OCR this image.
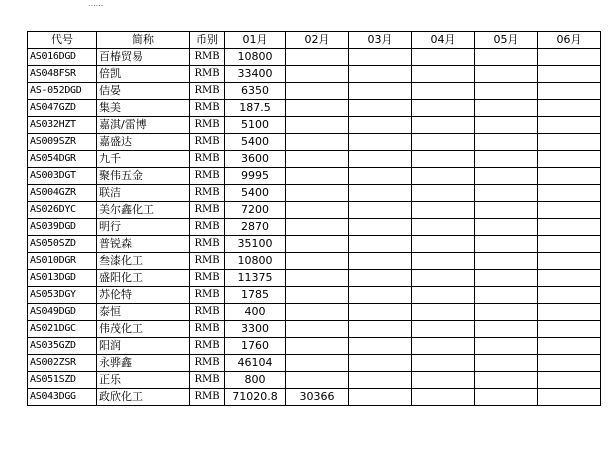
......
代号	简称	币别	01月	02月	03月	04月	05月	06月
AS016DGD	百椿贸易	RMB	10800					
AS048FSR	倍凯	RMB	33400					
AS-052DGD	佶晏	RMB	6350					
AS047GZD	集美	RMB	187.5					
AS032HZT	嘉淇/雷博	RMB	5100					
AS009SZR	嘉盛达	RMB	5400					
AS054DGR	九千	RMB	3600					
AS003DGT	聚伟五金	RMB	9995					
AS004GZR	联洁	RMB	5400					
AS026DYC	美尔鑫化工	RMB	7200					
AS039DGD	明行	RMB	2870					
AS050SZD	普锐森	RMB	35100					
AS010DGR	叁漆化工	RMB	10800					
AS013DGD	盛阳化工	RMB	11375					
AS053DGY	苏伦特	RMB	1785					
AS049DGD	泰恒	RMB	400					
AS021DGC	伟茂化工	RMB	3300					
AS035GZD	阳润	RMB	1760					
AS002ZSR	永骅鑫	RMB	46104					
AS051SZD	正乐	RMB	800					
AS043DGG	政欣化工	RMB	71020.8	30366				
